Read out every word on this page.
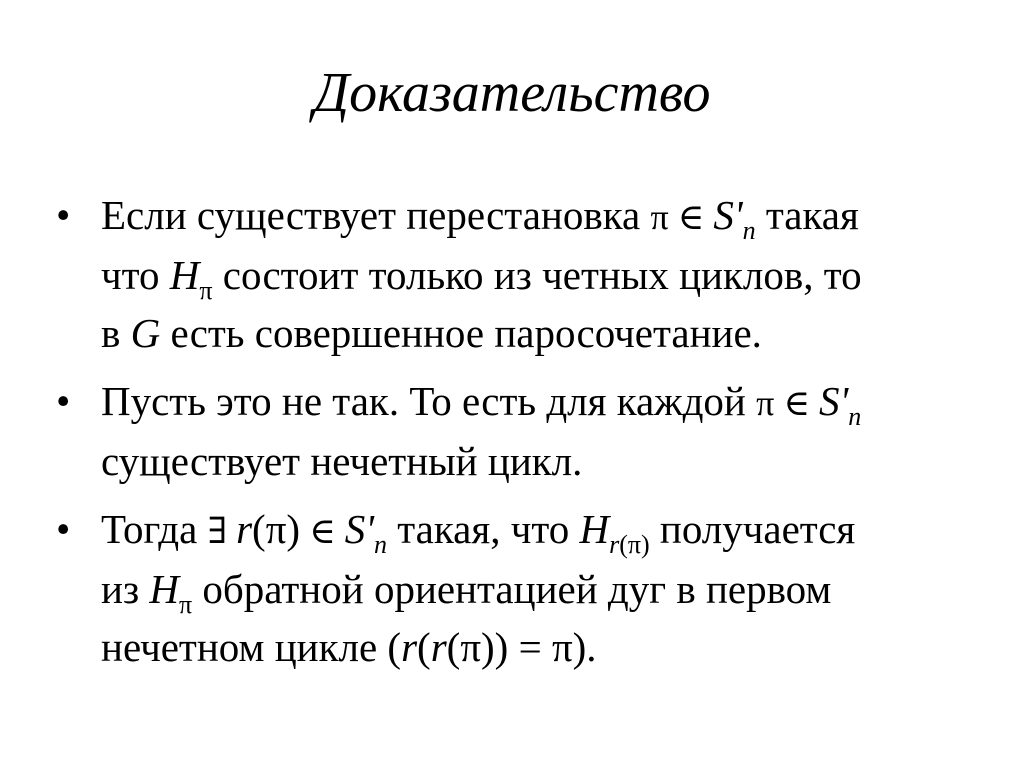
Доказательство
• Если существует перестановка π ∈ $S'_n$ такая
что $H_\pi$ состоит только из четных циклов, то
в G есть совершенное паросочетание.
• Пусть это не так. То есть для каждой π ∈ $S'_n$
существует нечетный цикл.
• Тогда ∃ r(π) ∈ $S'_n$ такая, что $H_{r(\pi)}$ получается
из $H_\pi$ обратной ориентацией дуг в первом
нечетном цикле (r(r(π)) = π).
